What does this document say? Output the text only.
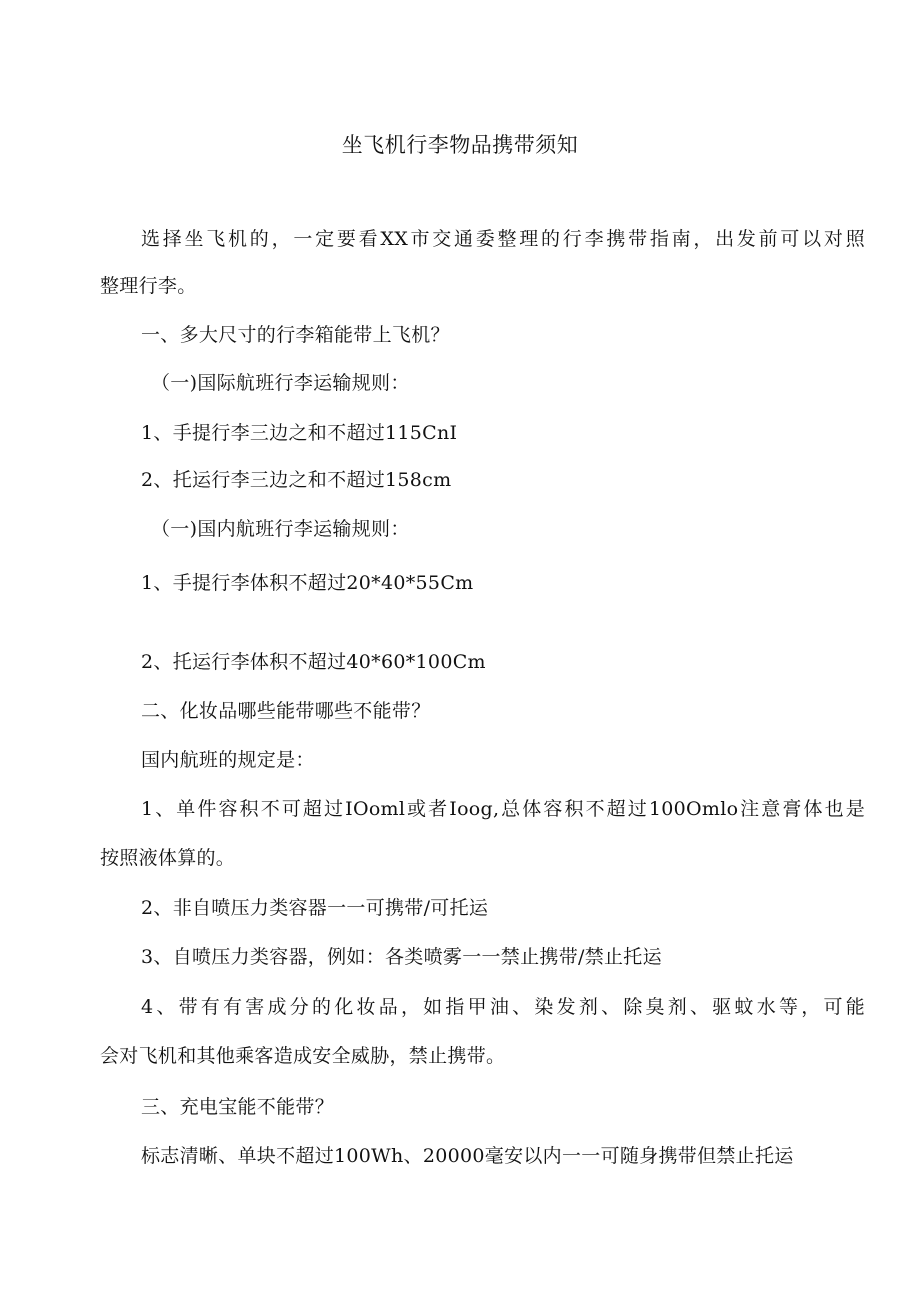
坐飞机行李物品携带须知
选择坐飞机的，一定要看XX市交通委整理的行李携带指南，出发前可以对照
整理行李。
一、多大尺寸的行李箱能带上飞机？
（一)国际航班行李运输规则：
1、手提行李三边之和不超过115CnI
2、托运行李三边之和不超过158cm
（一)国内航班行李运输规则：
1、手提行李体积不超过20*40*55Cm
2、托运行李体积不超过40*60*100Cm
二、化妆品哪些能带哪些不能带？
国内航班的规定是：
1、单件容积不可超过IOoml或者Ioog,总体容积不超过100Omlo注意膏体也是
按照液体算的。
2、非自喷压力类容器一一可携带/可托运
3、自喷压力类容器，例如：各类喷雾一一禁止携带/禁止托运
4、带有有害成分的化妆品，如指甲油、染发剂、除臭剂、驱蚊水等，可能
会对飞机和其他乘客造成安全威胁，禁止携带。
三、充电宝能不能带？
标志清晰、单块不超过100Wh、20000毫安以内一一可随身携带但禁止托运
